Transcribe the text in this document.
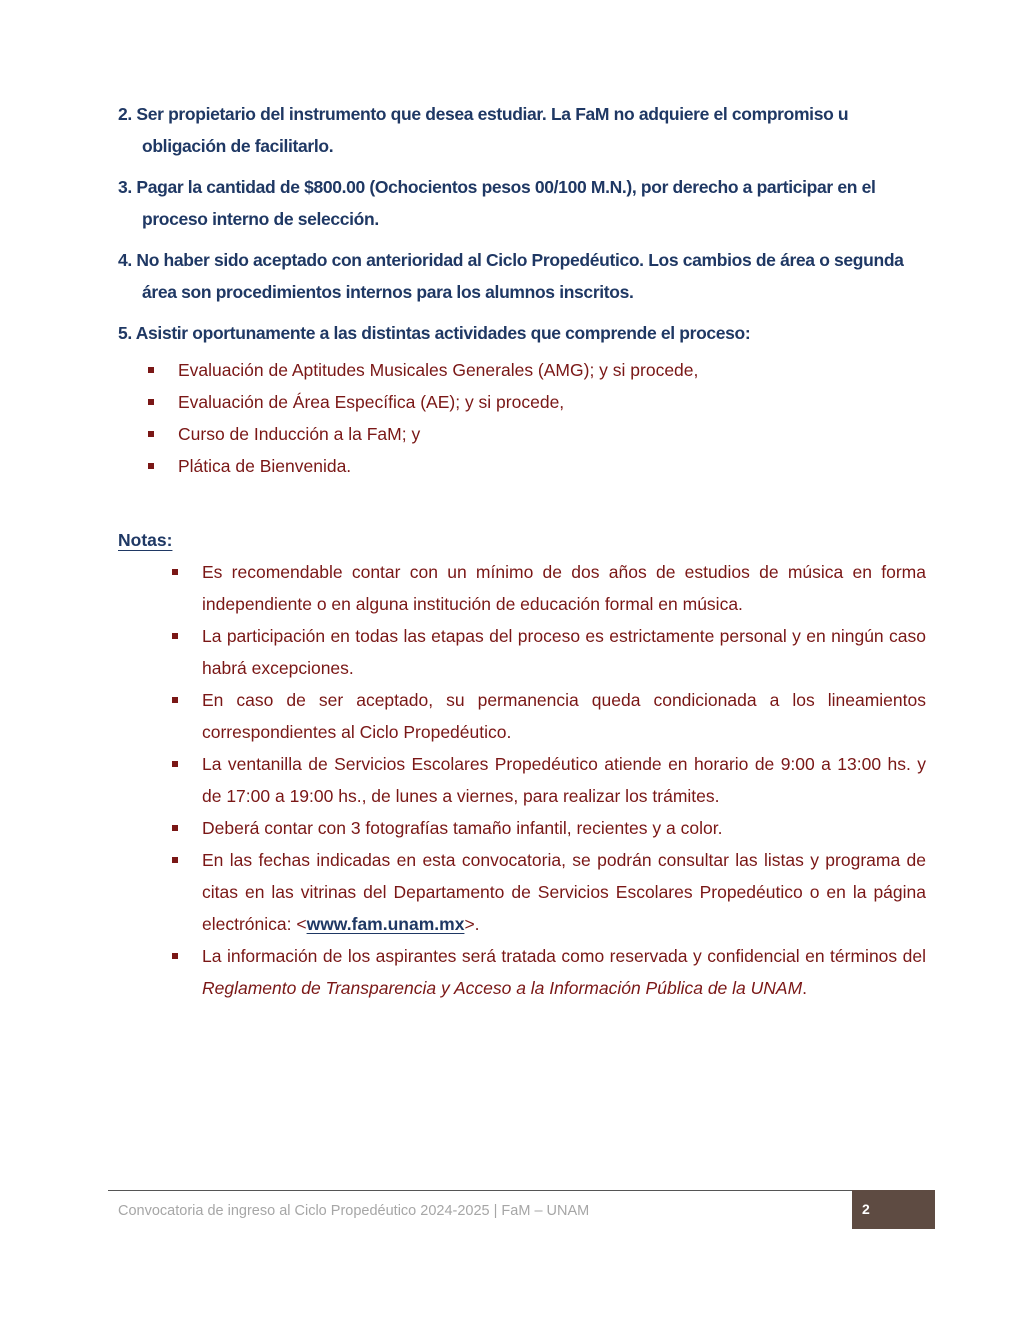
2. Ser propietario del instrumento que desea estudiar. La FaM no adquiere el compromiso u obligación de facilitarlo.
3. Pagar la cantidad de $800.00 (Ochocientos pesos 00/100 M.N.), por derecho a participar en el proceso interno de selección.
4. No haber sido aceptado con anterioridad al Ciclo Propedéutico. Los cambios de área o segunda área son procedimientos internos para los alumnos inscritos.
5. Asistir oportunamente a las distintas actividades que comprende el proceso:
Evaluación de Aptitudes Musicales Generales (AMG); y si procede,
Evaluación de Área Específica (AE); y si procede,
Curso de Inducción a la FaM; y
Plática de Bienvenida.
Notas:
Es recomendable contar con un mínimo de dos años de estudios de música en forma independiente o en alguna institución de educación formal en música.
La participación en todas las etapas del proceso es estrictamente personal y en ningún caso habrá excepciones.
En caso de ser aceptado, su permanencia queda condicionada a los lineamientos correspondientes al Ciclo Propedéutico.
La ventanilla de Servicios Escolares Propedéutico atiende en horario de 9:00 a 13:00 hs. y de 17:00 a 19:00 hs., de lunes a viernes, para realizar los trámites.
Deberá contar con 3 fotografías tamaño infantil, recientes y a color.
En las fechas indicadas en esta convocatoria, se podrán consultar las listas y programa de citas en las vitrinas del Departamento de Servicios Escolares Propedéutico o en la página electrónica: <www.fam.unam.mx>.
La información de los aspirantes será tratada como reservada y confidencial en términos del Reglamento de Transparencia y Acceso a la Información Pública de la UNAM.
Convocatoria de ingreso al Ciclo Propedéutico 2024-2025 | FaM – UNAM	2
